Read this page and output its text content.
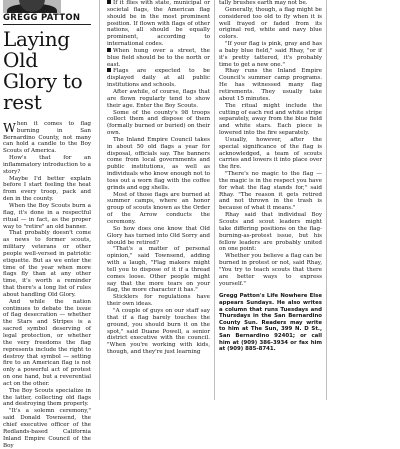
GREGG PATTON
Laying Old Glory to rest

When it comes to flag burning in San Bernardino County, not many can hold a candle to the Boy Scouts of America.

How's that for an inflammatory introduction to a story?

Maybe I'd better explain before I start feeling the heat from every troop, pack and den in the county.

When the Boy Scouts burn a flag, it's done in a respectful ritual — in fact, as the proper way to "retire" an old banner.

That probably doesn't come as news to former scouts, military veterans or other people well-versed in patriotic etiquette. But as we enter the time of the year when more flags fly than at any other time, it's worth a reminder that there's a long list of rules about handling Old Glory.

And while the nation continues to debate the issue of flag desecration — whether the Stars and Stripes is a sacred symbol deserving of legal protection, or whether the very freedoms the flag represents include the right to destroy that symbol — setting fire to an American flag is not only a powerful act of protest on one hand, but a reverential act on the other.

The Boy Scouts specialize in the latter, collecting old flags and destroying them properly.

"It's a solemn ceremony," said Donald Townsend, the chief executive officer of the Redlands-based California Inland Empire Council of the Boy

If it flies with state, municipal or societal flags, the American flag should be in the most prominent position. If flown with flags of other nations, all should be equally prominent, according to international codes.

When hung over a street, the blue field should be to the north or east.

Flags are expected to be displayed daily at all public institutions and schools.

After awhile, of course, flags that are flown regularly tend to show their age. Enter the Boy Scouts.

Some of the county's 98 troops collect them and dispose of them (formally burned or buried) on their own.

The Inland Empire Council takes in about 50 old flags a year for disposal, officials say. The banners come from local governments and public institutions, as well as individuals who know enough not to toss out a worn flag with the coffee grinds and egg shells.

Most of those flags are burned at summer camps, where an honor group of scouts known as the Order of the Arrow conducts the ceremony.

So how does one know that Old Glory has turned into Old Sorry and should be retired?

"That's a matter of personal opinion," said Townsend, adding with a laugh, "Flag makers might tell you to dispose of it if a thread comes loose. Other people might say that the more tears on your flag, the more character it has."

Sticklers for regulations have their own ideas.

"A couple of guys on our staff say that if a flag barely touches the ground, you should burn it on the spot," said Duane Powell, a senior district executive with the council. "When you're working with kids, though, and they're just learning

tally brushes earth may not be.

Generally, though, a flag might be considered too old to fly when it is well frayed or faded from its original red, white and navy blue colors.

"If your flag is pink, gray and has a baby blue field," said Rhay, "or if it's pretty tattered, it's probably time to get a new one."

Rhay runs the Inland Empire Council's summer camp programs. He has witnessed many flag retirements. They usually take about 15 minutes.

The ritual might include the cutting of each red and white stripe separately, away from the blue field and white stars. Each piece is lowered into the fire separately.

Usually, however, after the special significance of the flag is acknowledged, a team of scouts carries and lowers it into place over the fire.

"There's no magic to the flag — the magic is in the respect you have for what the flag stands for," said Rhay. "The reason it gets retired and not thrown in the trash is because of what it means."

Rhay said that individual Boy Scouts and scout leaders might take differing positions on the flag-burning-as-protest issue, but his fellow leaders are probably united on one point:

Whether you believe a flag can be burned in protest or not, said Rhay, "You try to teach scouts that there are better ways to express yourself."

Gregg Patton's Life Nowhere Else appears Sundays. He also writes a column that runs Tuesdays and Thursdays in the San Bernardino County Sun. Readers may write to him at The Sun, 399 N. D St., San Bernardino 92401; or call him at (909) 386-3934 or fax him at (909) 885-8741.
